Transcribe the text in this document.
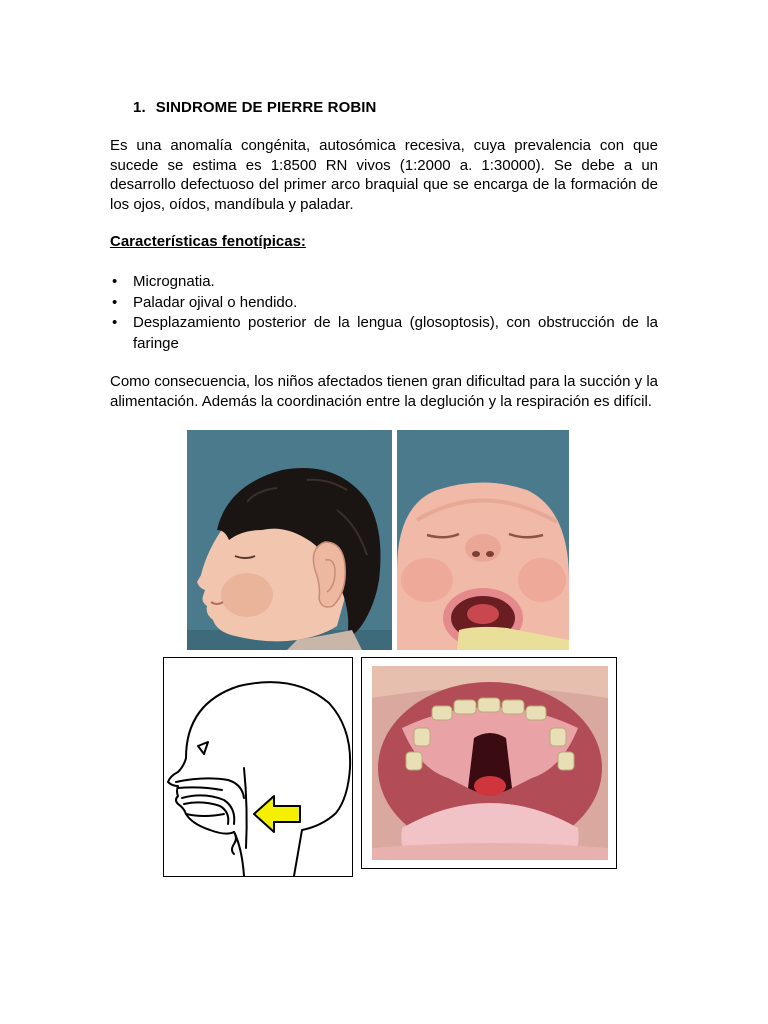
1. SINDROME DE PIERRE ROBIN

Es una anomalía congénita, autosómica recesiva, cuya prevalencia con que sucede se estima es 1:8500 RN vivos (1:2000 a. 1:30000). Se debe a un desarrollo defectuoso del primer arco braquial que se encarga de la formación de los ojos, oídos, mandíbula y paladar.

Características fenotípicas:
• Micrognatia.
• Paladar ojival o hendido.
• Desplazamiento posterior de la lengua (glosoptosis), con obstrucción de la faringe

Como consecuencia, los niños afectados tienen gran dificultad para la succión y la alimentación. Además la coordinación entre la deglución y la respiración es difícil.
